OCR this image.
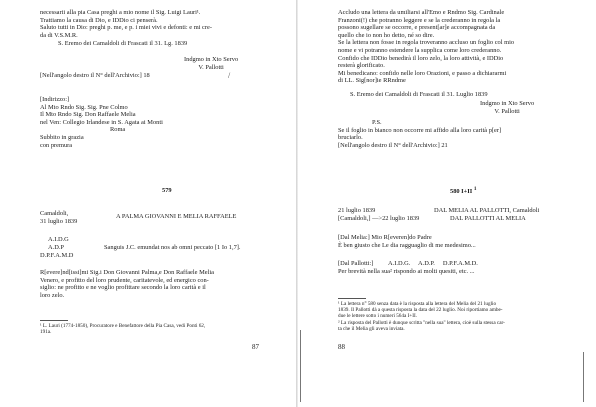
necessarii alla pia Casa preghi a mio nome il Sig. Luigi Lauri¹.
Trattiamo la causa di Dio, e IDDio ci penserà.
Saluto tutti in Dio: preghi p. me, e p. i miei vivi e defonti: e mi cre-
da di V.S.M.R.
S. Eremo dei Camaldoli di Frascati il 31. Lg. 1839
Indgmo in Xto Servo
V. Pallotti
[Nell'angolo destro il N° dell'Archivio:] 18	/
[Indirizzo:]
Al Mto Rndo Sig. Sig. Pne Colmo
Il Mto Rndo Sig. Don Raffaele Melia
nel Ven: Collegio Irlandese in S. Agata ai Monti
Roma
Subbito in grazia
con premura
579
Camaldoli,
31 luglio 1839
A PALMA GIOVANNI E MELIA RAFFAELE
A.I.D.G
A.D.P	Sanguis J.C. emundat nos ab omni peccato [1 Io 1,7].
D.P.F.A.M.D
R[evere]nd[issi]mi Sig.i Don Giovanni Palma,e Don Raffaele Melia
Venero, e profitto del loro prudente, caritatevole, ed energico con-
siglio: ne profitto e ne voglio profittare secondo la loro carità e il
loro zelo.
¹ L. Lauri (1774-1850), Procuratore e Benefattore della Pia Casa, vedi Ponti 62,
191a.
87
Accludo una lettera da umiliarsi all'Emo e Rndmo Sig. Cardinale
Franzoni(!) che potranno leggere e se la crederanno in regola la
possono sugellare se occorre, e present[ar]e accompagnata da
quello che io non ho detto, né so dire.
Se la lettera non fosse in regola troveranno accluso un foglio col mio
nome e vi potranno estendere la supplica come loro crederanno.
Confido che IDDio benedirà il loro zelo, la loro attività, e IDDio
resterà glorificato.
Mi benedicano: confido nelle loro Orazioni, e passo a dichiararmi
di LL. Sig[nor]ie RRndme
S. Eremo dei Camaldoli di Frascati il 31. Luglio 1839
Indgmo in Xto Servo
V. Pallotti
P.S.
Se il foglio in bianco non occorre mi affido alla loro carità p[er]
bruciarlo.
[Nell'angolo destro il N° dell'Archivio:] 21
580 I+II $^1$
21 luglio 1839	DAL MELIA AL PALLOTTI, Camaldoli
[Camaldoli,] —>22 luglio 1839	DAL PALLOTTI AL MELIA
[Dal Melia:] Mio R[everen]do Padre
È ben giusto che Le dia ragguaglio di me medesimo...
[Dal Pallotti:] A.I.D.G.     A.D.P.     D.P.F.A.M.D.
Per brevità nella sua² rispondo ai molti quesiti, etc. ...
¹ La lettera n° 580 senza data è la risposta alla lettera del Melia del 21 luglio
1839. Il Pallotti dà a questa risposta la data del 22 luglio. Noi riportiamo ambe-
due le lettere sotto i numeri 564a I+II.
² La risposta del Pallotti è dunque scritta "nella sua" lettera, cioè sulla stessa car-
ta che il Melia gli aveva inviata.
88
